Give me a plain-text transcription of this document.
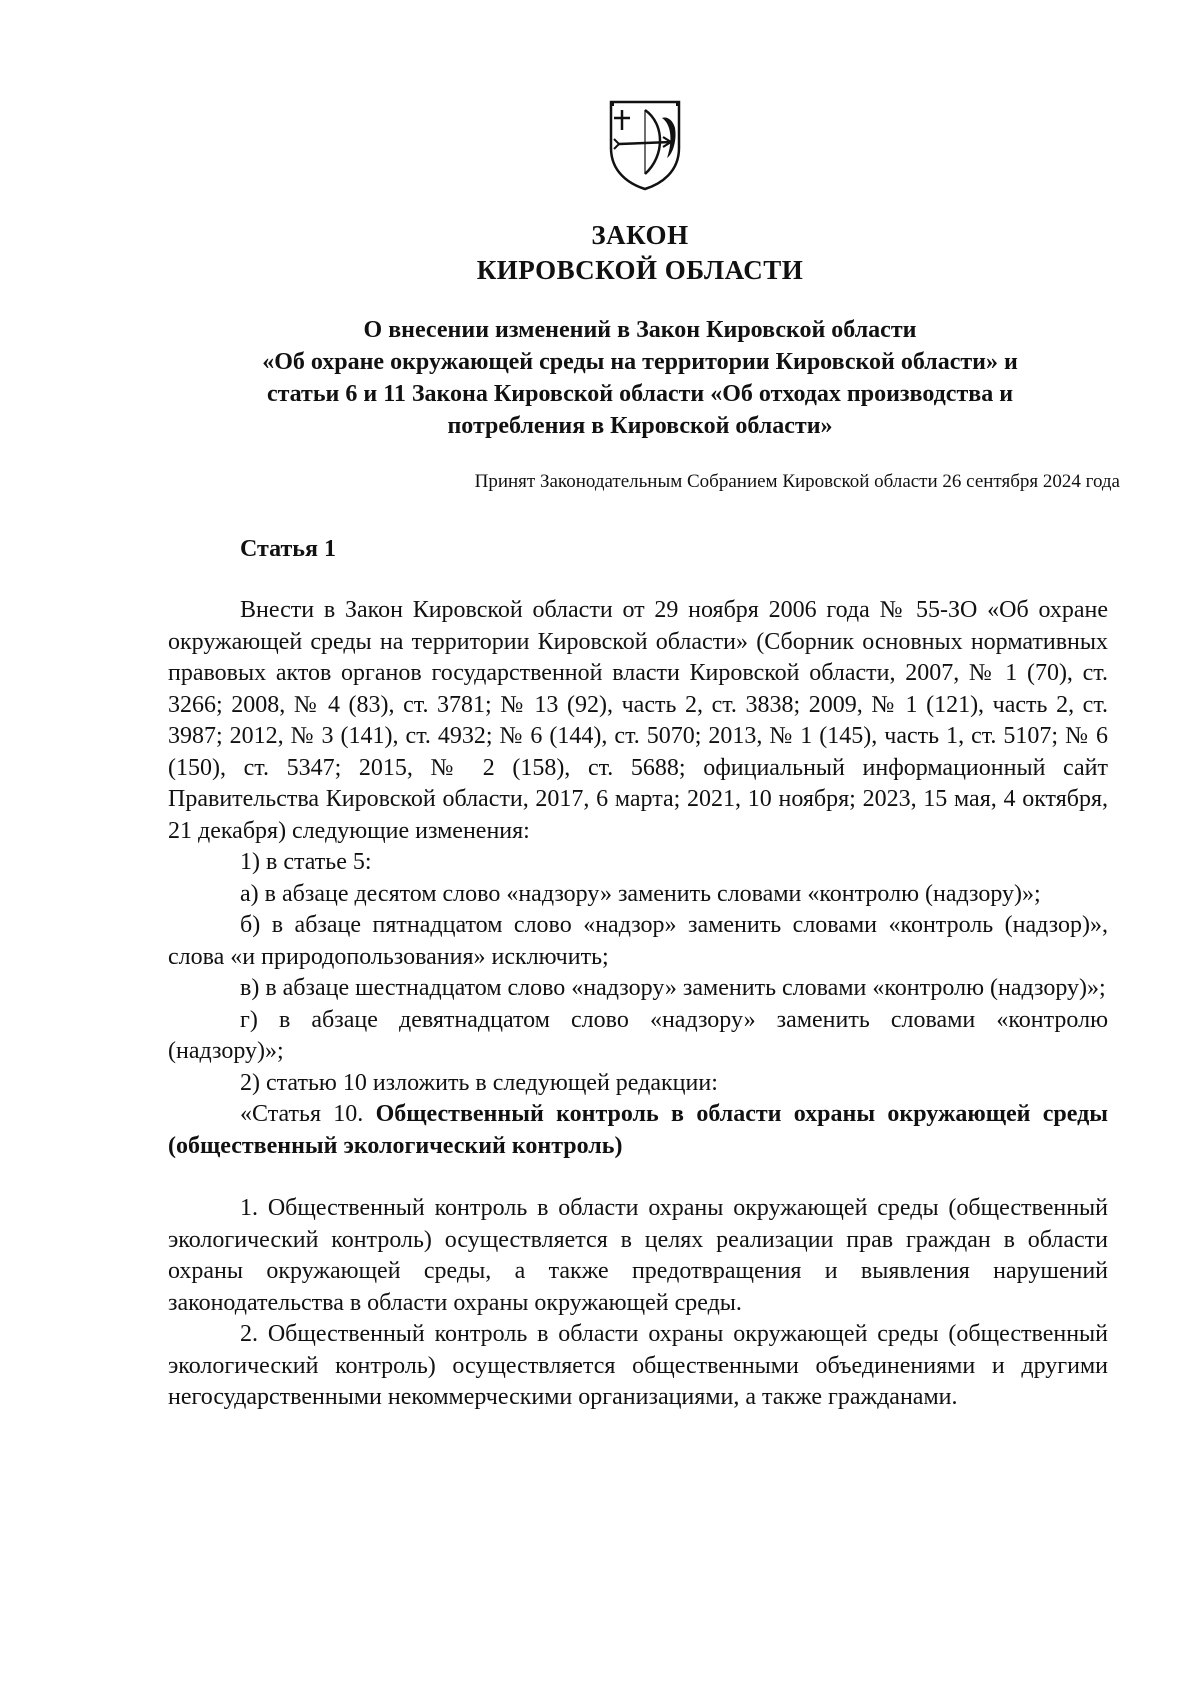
ЗАКОН
КИРОВСКОЙ ОБЛАСТИ
О внесении изменений в Закон Кировской области
«Об охране окружающей среды на территории Кировской области» и
статьи 6 и 11 Закона Кировской области «Об отходах производства и
потребления в Кировской области»
Принят Законодательным Собранием Кировской области 26 сентября 2024 года
Статья 1

Внести в Закон Кировской области от 29 ноября 2006 года № 55-ЗО «Об охране окружающей среды на территории Кировской области» (Сборник основных нормативных правовых актов органов государственной власти Кировской области, 2007, № 1 (70), ст. 3266; 2008, № 4 (83), ст. 3781; № 13 (92), часть 2, ст. 3838; 2009, № 1 (121), часть 2, ст. 3987; 2012, № 3 (141), ст. 4932; № 6 (144), ст. 5070; 2013, № 1 (145), часть 1, ст. 5107; № 6 (150), ст. 5347; 2015, № 2 (158), ст. 5688; официальный информационный сайт Правительства Кировской области, 2017, 6 марта; 2021, 10 ноября; 2023, 15 мая, 4 октября, 21 декабря) следующие изменения:

1) в статье 5:

а) в абзаце десятом слово «надзору» заменить словами «контролю (надзору)»;

б) в абзаце пятнадцатом слово «надзор» заменить словами «контроль (надзор)», слова «и природопользования» исключить;

в) в абзаце шестнадцатом слово «надзору» заменить словами «контролю (надзору)»;

г) в абзаце девятнадцатом слово «надзору» заменить словами «контролю (надзору)»;

2) статью 10 изложить в следующей редакции:

«Статья 10. Общественный контроль в области охраны окружающей среды (общественный экологический контроль)

1. Общественный контроль в области охраны окружающей среды (общественный экологический контроль) осуществляется в целях реализации прав граждан в области охраны окружающей среды, а также предотвращения и выявления нарушений законодательства в области охраны окружающей среды.

2. Общественный контроль в области охраны окружающей среды (общественный экологический контроль) осуществляется общественными объединениями и другими негосударственными некоммерческими организациями, а также гражданами.
